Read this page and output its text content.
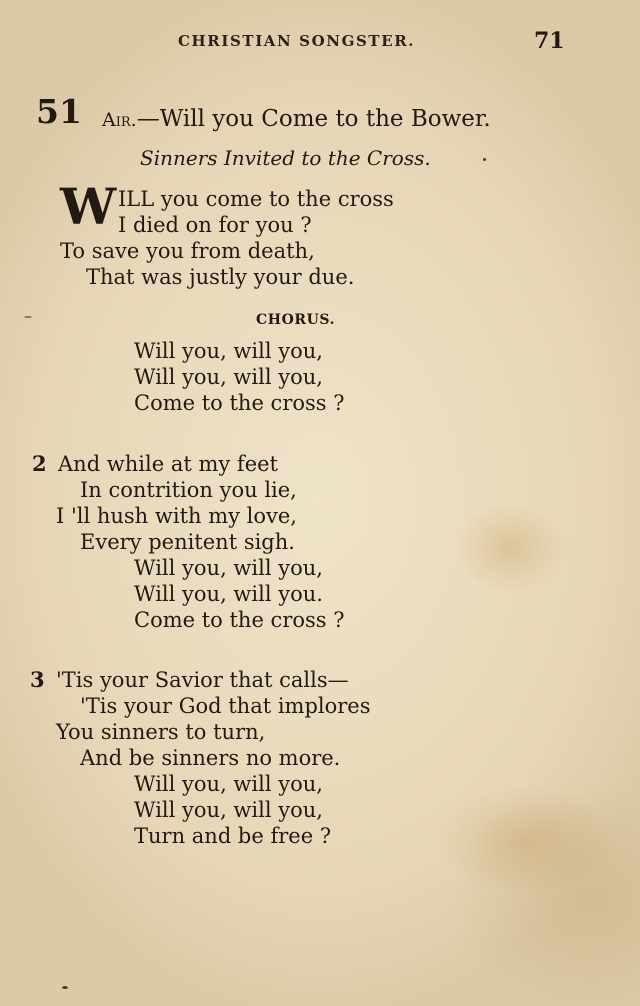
CHRISTIAN SONGSTER.	71
51 Air.—Will you Come to the Bower.
Sinners Invited to the Cross.
W ILL you come to the cross
I died on for you ?
To save you from death,
That was justly your due.
CHORUS.
Will you, will you,
Will you, will you,
Come to the cross ?
2 And while at my feet
In contrition you lie,
I 'll hush with my love,
Every penitent sigh.
Will you, will you,
Will you, will you.
Come to the cross ?
3 'Tis your Savior that calls—
'Tis your God that implores
You sinners to turn,
And be sinners no more.
Will you, will you,
Will you, will you,
Turn and be free ?
